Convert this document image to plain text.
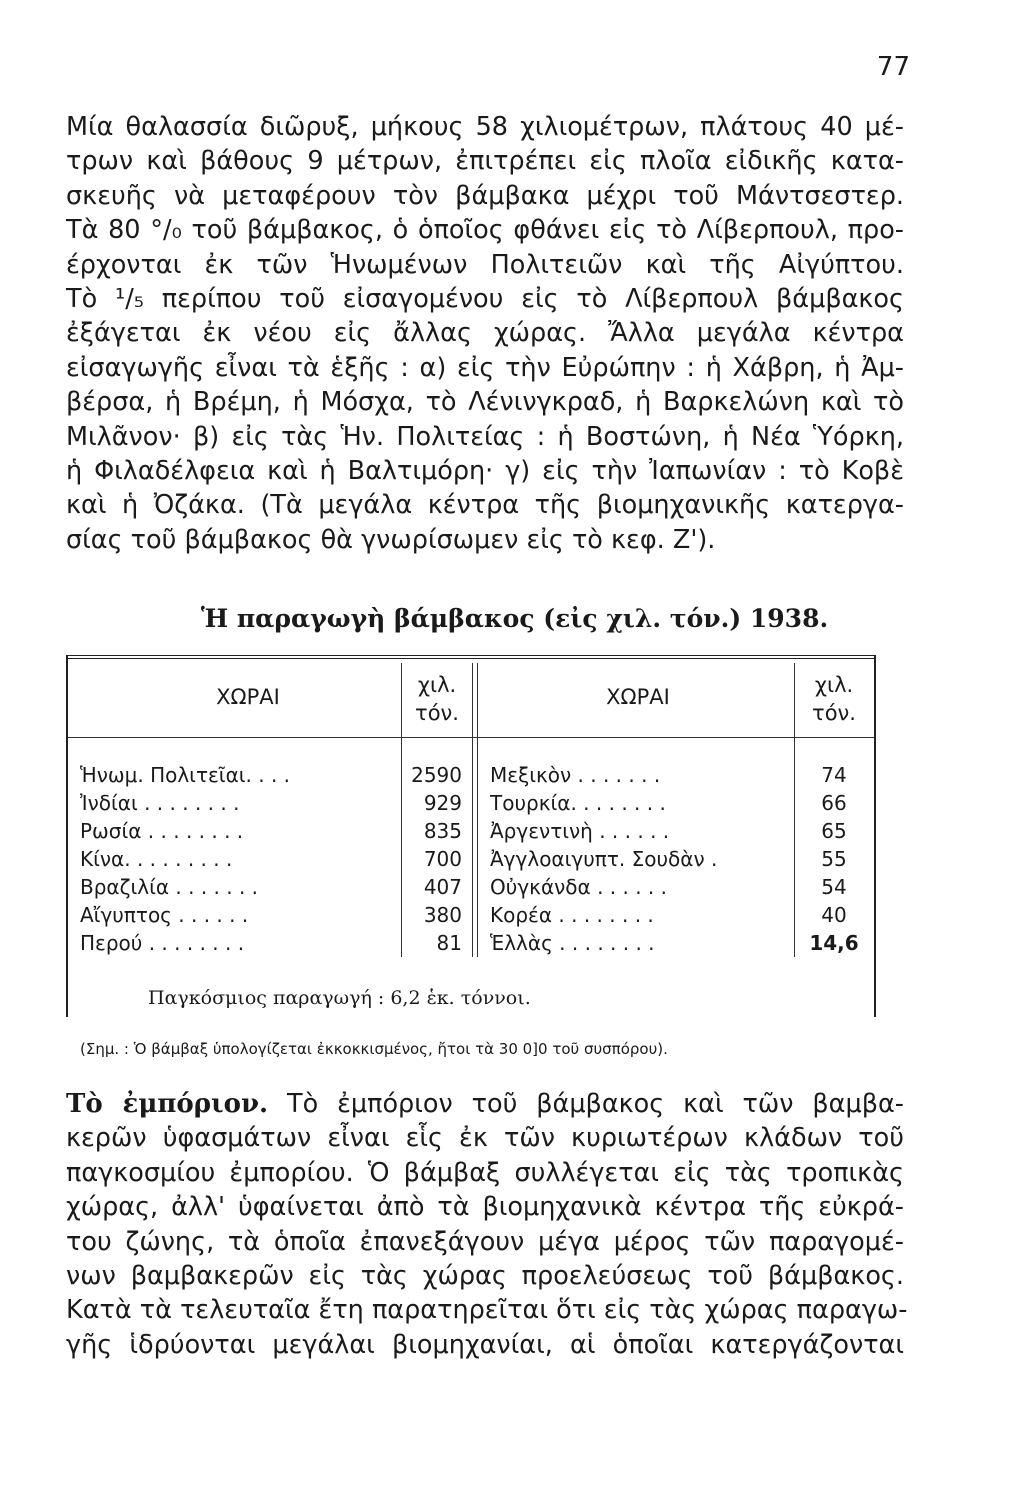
77

Μία θαλασσία διῶρυξ, μήκους 58 χιλιομέτρων, πλάτους 40 μέ-
τρων καὶ βάθους 9 μέτρων, ἐπιτρέπει εἰς πλοῖα εἰδικῆς κατα-
σκευῆς νὰ μεταφέρουν τὸν βάμβακα μέχρι τοῦ Μάντσεστερ.
Τὰ 80 °/₀ τοῦ βάμβακος, ὁ ὁποῖος φθάνει εἰς τὸ Λίβερπουλ, προ-
έρχονται ἐκ τῶν Ἡνωμένων Πολιτειῶν καὶ τῆς Αἰγύπτου.
Τὸ ¹/₅ περίπου τοῦ εἰσαγομένου εἰς τὸ Λίβερπουλ βάμβακος
ἐξάγεται ἐκ νέου εἰς ἄλλας χώρας. Ἄλλα μεγάλα κέντρα
εἰσαγωγῆς εἶναι τὰ ἑξῆς : α) εἰς τὴν Εὐρώπην : ἡ Χάβρη, ἡ Ἀμ-
βέρσα, ἡ Βρέμη, ἡ Μόσχα, τὸ Λένινγκραδ, ἡ Βαρκελώνη καὶ τὸ
Μιλᾶνον· β) εἰς τὰς Ἡν. Πολιτείας : ἡ Βοστώνη, ἡ Νέα Ὑόρκη,
ἡ Φιλαδέλφεια καὶ ἡ Βαλτιμόρη· γ) εἰς τὴν Ἰαπωνίαν : τὸ Κοβὲ
καὶ ἡ Ὀζάκα. (Τὰ μεγάλα κέντρα τῆς βιομηχανικῆς κατεργα-
σίας τοῦ βάμβακος θὰ γνωρίσωμεν εἰς τὸ κεφ. Ζ').

Ἡ παραγωγὴ βάμβακος (εἰς χιλ. τόν.) 1938.
ΧΩΡΑΙ	χιλ.
τόν.
ΧΩΡΑΙ	χιλ.
τόν.
Ἡνωμ. Πολιτεῖαι. . . .	2590 Μεξικὸν . . . . . . .	74
Ἰνδίαι . . . . . . . .	929 Τουρκία. . . . . . . .	66
Ρωσία . . . . . . . .	835 Ἀργεντινὴ . . . . . .	65
Κίνα. . . . . . . . .	700 Ἀγγλοαιγυπτ. Σουδὰν .	55
Βραζιλία . . . . . . .	407 Οὐγκάνδα . . . . . .	54
Αἴγυπτος . . . . . .	380 Κορέα . . . . . . . .	40
Περού . . . . . . . .	81 Ἑλλὰς . . . . . . . .	14,6
Παγκόσμιος παραγωγή : 6,2 ἑκ. τόννοι.
(Σημ. : Ὁ βάμβαξ ὑπολογίζεται ἐκκοκκισμένος, ἤτοι τὰ 30 0]0 τοῦ συσπόρου).

Τὸ ἐμπόριον. Τὸ ἐμπόριον τοῦ βάμβακος καὶ τῶν βαμβα-
κερῶν ὑφασμάτων εἶναι εἷς ἐκ τῶν κυριωτέρων κλάδων τοῦ
παγκοσμίου ἐμπορίου. Ὁ βάμβαξ συλλέγεται εἰς τὰς τροπικὰς
χώρας, ἀλλ' ὑφαίνεται ἀπὸ τὰ βιομηχανικὰ κέντρα τῆς εὐκρά-
του ζώνης, τὰ ὁποῖα ἐπανεξάγουν μέγα μέρος τῶν παραγομέ-
νων βαμβακερῶν εἰς τὰς χώρας προελεύσεως τοῦ βάμβακος.
Κατὰ τὰ τελευταῖα ἔτη παρατηρεῖται ὅτι εἰς τὰς χώρας παραγω-
γῆς ἱδρύονται μεγάλαι βιομηχανίαι, αἱ ὁποῖαι κατεργάζονται
